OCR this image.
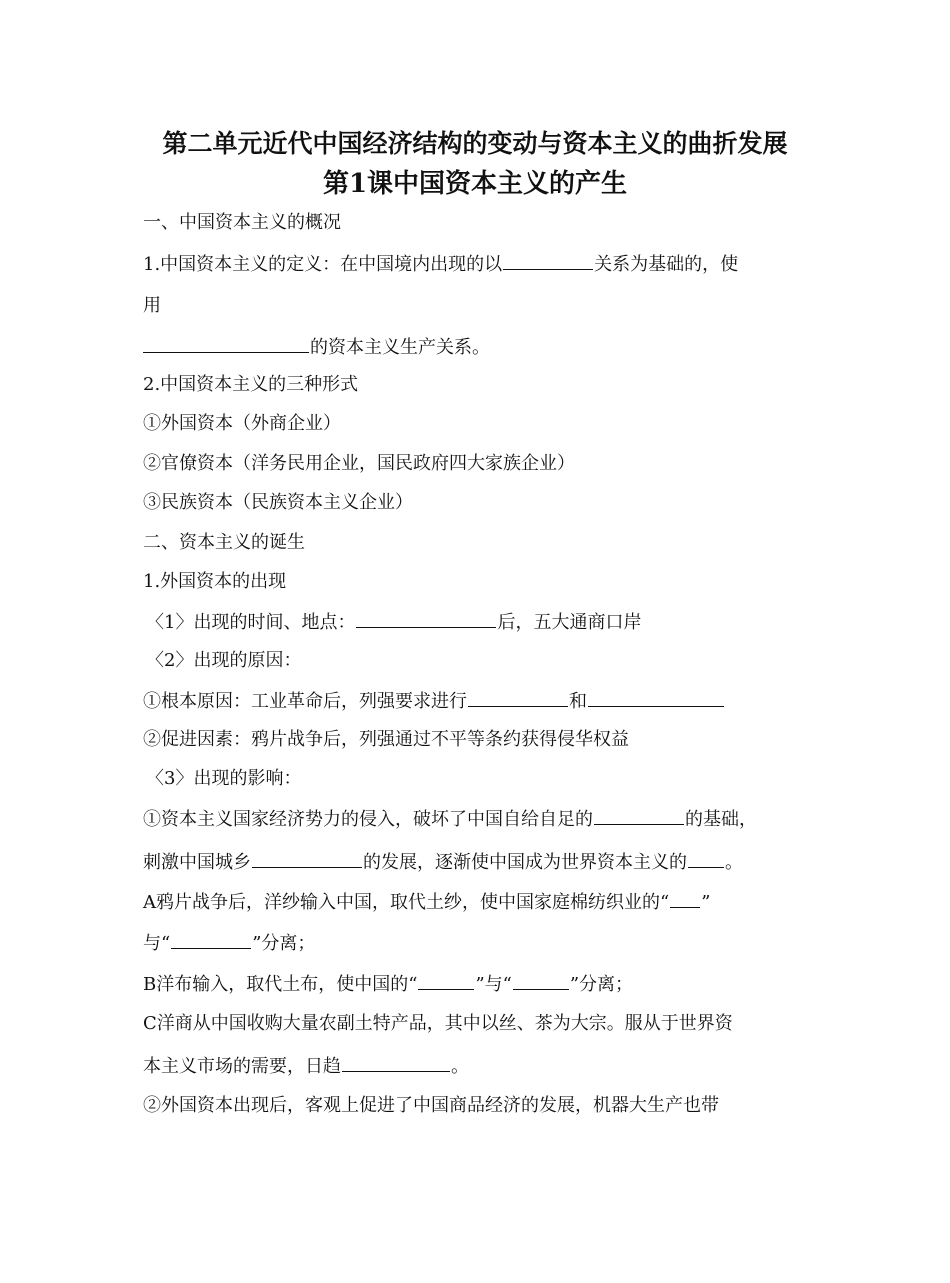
第二单元近代中国经济结构的变动与资本主义的曲折发展
第1课中国资本主义的产生
一、中国资本主义的概况
1.中国资本主义的定义：在中国境内出现的以	关系为基础的，使
用
的资本主义生产关系。
2.中国资本主义的三种形式
①外国资本（外商企业）
②官僚资本（洋务民用企业，国民政府四大家族企业）
③民族资本（民族资本主义企业）
二、资本主义的诞生
1.外国资本的出现
〈1〉出现的时间、地点：	后，五大通商口岸
〈2〉出现的原因：
①根本原因：工业革命后，列强要求进行	和
②促进因素：鸦片战争后，列强通过不平等条约获得侵华权益
〈3〉出现的影响：
①资本主义国家经济势力的侵入，破坏了中国自给自足的	的基础，
刺激中国城乡	的发展，逐渐使中国成为世界资本主义的 。
A鸦片战争后，洋纱输入中国，取代土纱，使中国家庭棉纺织业的“ ”
与“	”分离；
B洋布输入，取代土布，使中国的“	”与“	”分离；
C洋商从中国收购大量农副土特产品，其中以丝、茶为大宗。服从于世界资
本主义市场的需要，日趋	。
②外国资本出现后，客观上促进了中国商品经济的发展，机器大生产也带
